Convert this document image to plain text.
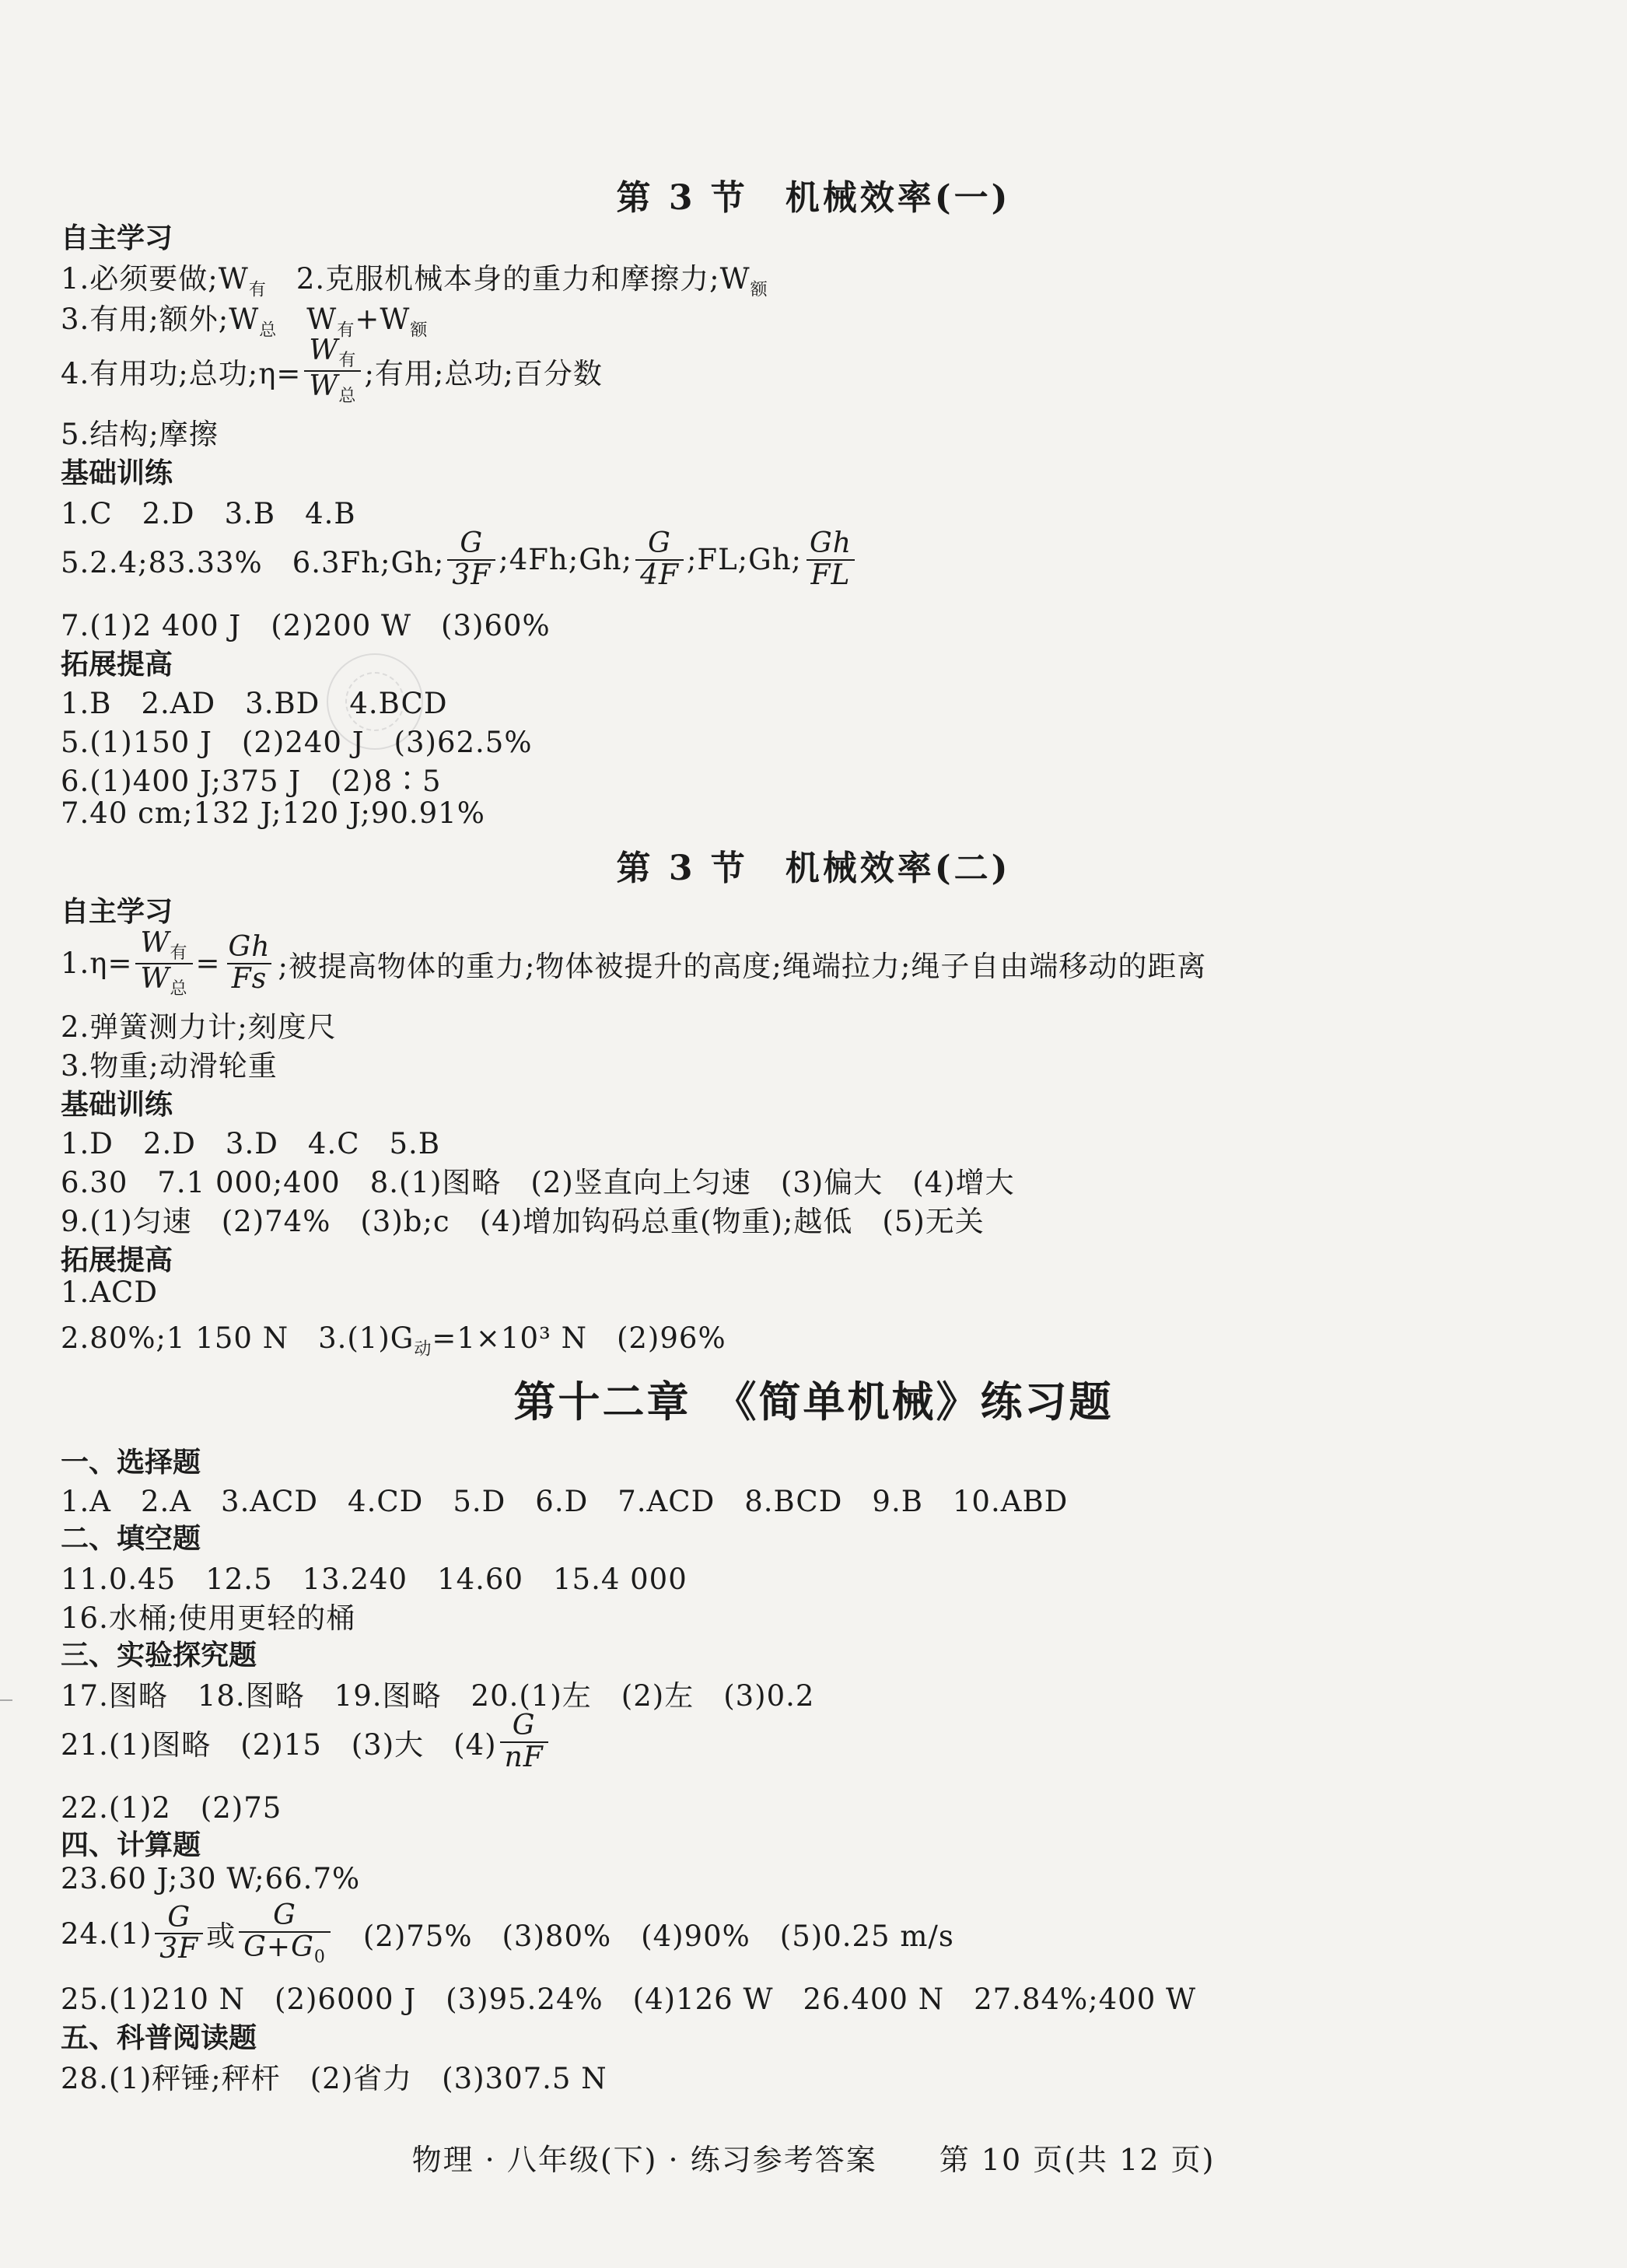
第 3 节　机械效率(一)
自主学习
1.必须要做$;W_有$　2.克服机械本身的重力和摩擦力$;W_额$
3.有用;额外$;W_总$　$W_有+W_额$
4.有用功;总功;η= $\frac{W_有}{W_总}$ ;有用;总功;百分数
5.结构;摩擦
基础训练
1.C　2.D　3.B　4.B
5.2.4;83.33%　6.3Fh;Gh; $\frac{G}{3F}$ ;4Fh;Gh; $\frac{G}{4F}$ ;FL;Gh; $\frac{Gh}{FL}$
7.(1)2 400 J　(2)200 W　(3)60%
拓展提高
1.B　2.AD　3.BD　4.BCD
5.(1)150 J　(2)240 J　(3)62.5%
6.(1)400 J;375 J　(2)8∶5
7.40 cm;132 J;120 J;90.91%
第 3 节　机械效率(二)
自主学习
$1.\eta= \frac{W_有}{W_总} = \frac{Gh}{Fs}$ ;被提高物体的重力;物体被提升的高度;绳端拉力;绳子自由端移动的距离
2.弹簧测力计;刻度尺
3.物重;动滑轮重
基础训练
1.D　2.D　3.D　4.C　5.B
6.30　7.1 000;400　8.(1)图略　(2)竖直向上匀速　(3)偏大　(4)增大
9.(1)匀速　(2)74%　(3)b;c　(4)增加钩码总重(物重);越低　(5)无关
拓展提高
1.ACD
2.80%;1 150 N　$3.(1)G_动=1\times 10^3$ N　(2)96%
第十二章　《简单机械》练习题
一、选择题
1.A　2.A　3.ACD　4.CD　5.D　6.D　7.ACD　8.BCD　9.B　10.ABD
二、填空题
11.0.45　12.5　13.240　14.60　15.4 000
16.水桶;使用更轻的桶
三、实验探究题
17.图略　18.图略　19.图略　20.(1)左　(2)左　(3)0.2
21.(1)图略　(2)15　(3)大　$(4) \frac{G}{nF}$
22.(1)2　(2)75
四、计算题
23.60 J;30 W;66.7%
$24.(1) \frac{G}{3F}$ 或 $\frac{G}{G+G_0}$ 　(2)75%　(3)80%　(4)90%　(5)0.25 m/s
25.(1)210 N　(2)6000 J　(3)95.24%　(4)126 W　26.400 N　27.84%;400 W
五、科普阅读题
28.(1)秤锤;秤杆　(2)省力　(3)307.5 N
物理 · 八年级(下) · 练习参考答案　　第 10 页(共 12 页)
